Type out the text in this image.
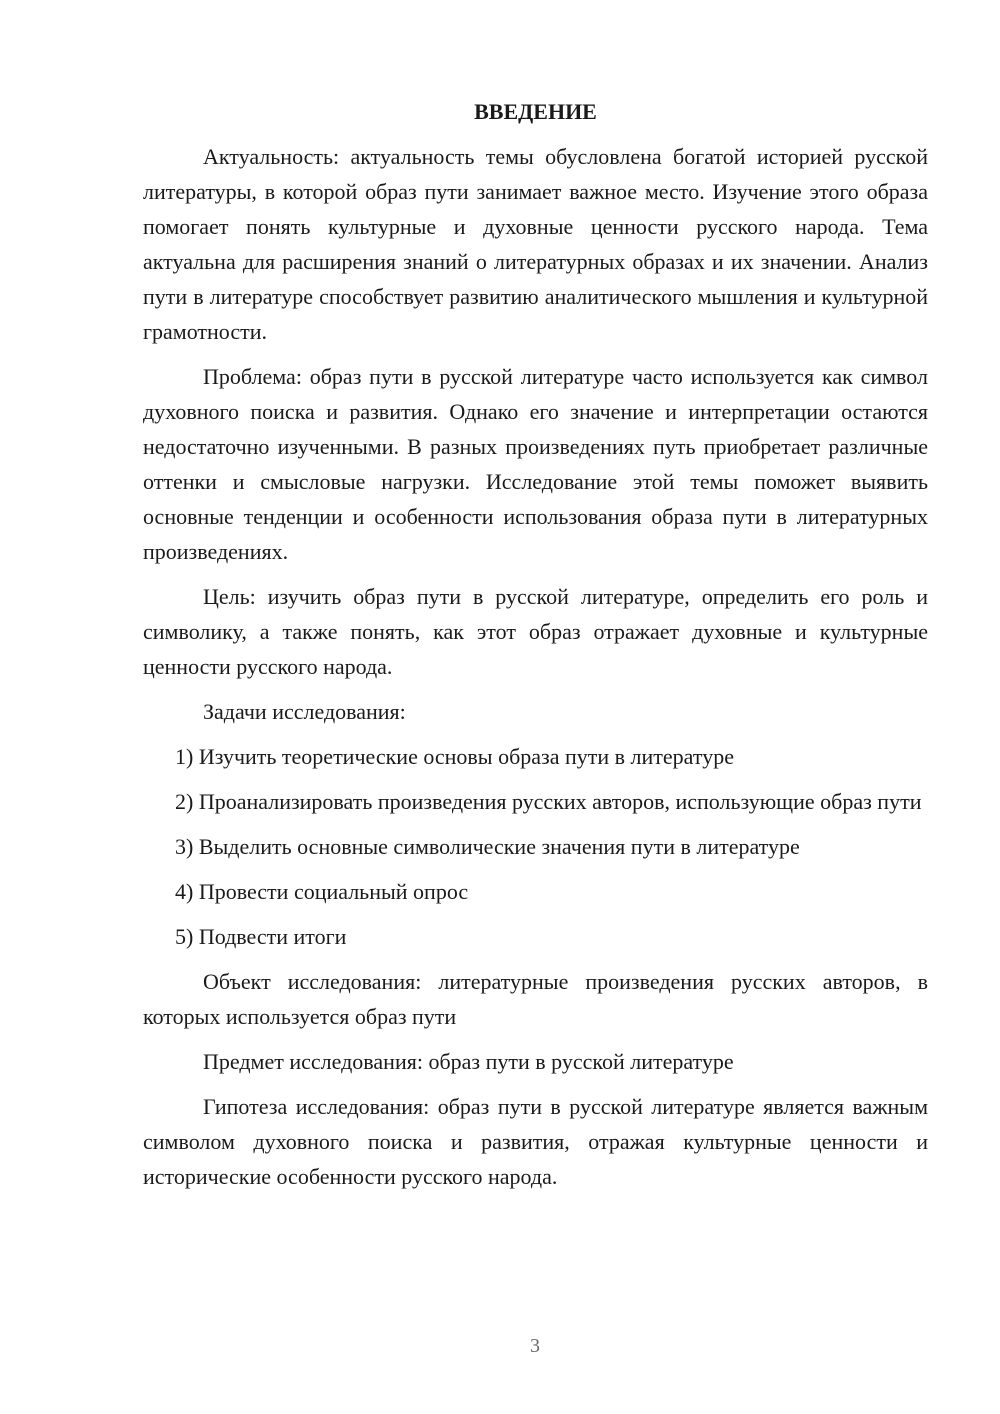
ВВЕДЕНИЕ

Актуальность: актуальность темы обусловлена богатой историей русской литературы, в которой образ пути занимает важное место. Изучение этого образа помогает понять культурные и духовные ценности русского народа. Тема актуальна для расширения знаний о литературных образах и их значении. Анализ пути в литературе способствует развитию аналитического мышления и культурной грамотности.

Проблема: образ пути в русской литературе часто используется как символ духовного поиска и развития. Однако его значение и интерпретации остаются недостаточно изученными. В разных произведениях путь приобретает различные оттенки и смысловые нагрузки. Исследование этой темы поможет выявить основные тенденции и особенности использования образа пути в литературных произведениях.

Цель: изучить образ пути в русской литературе, определить его роль и символику, а также понять, как этот образ отражает духовные и культурные ценности русского народа.

Задачи исследования:

1) Изучить теоретические основы образа пути в литературе

2) Проанализировать произведения русских авторов, использующие образ пути

3) Выделить основные символические значения пути в литературе

4) Провести социальный опрос

5) Подвести итоги

Объект исследования: литературные произведения русских авторов, в которых используется образ пути

Предмет исследования: образ пути в русской литературе

Гипотеза исследования: образ пути в русской литературе является важным символом духовного поиска и развития, отражая культурные ценности и исторические особенности русского народа.

3
